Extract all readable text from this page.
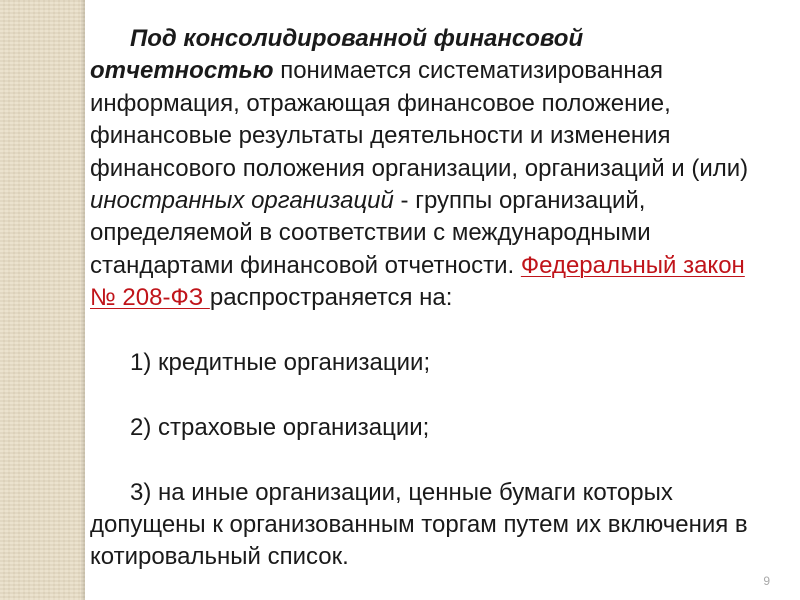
Под консолидированной финансовой
отчетностью понимается систематизированная информация, отражающая финансовое положение, финансовые результаты деятельности и изменения финансового положения организации, организаций и (или) иностранных организаций - группы организаций, определяемой в соответствии с международными стандартами финансовой отчетности. Федеральный закон № 208-ФЗ распространяется на:

1) кредитные организации;

2) страховые организации;

3) на иные организации, ценные бумаги которых допущены к организованным торгам путем их включения в котировальный список.

9
